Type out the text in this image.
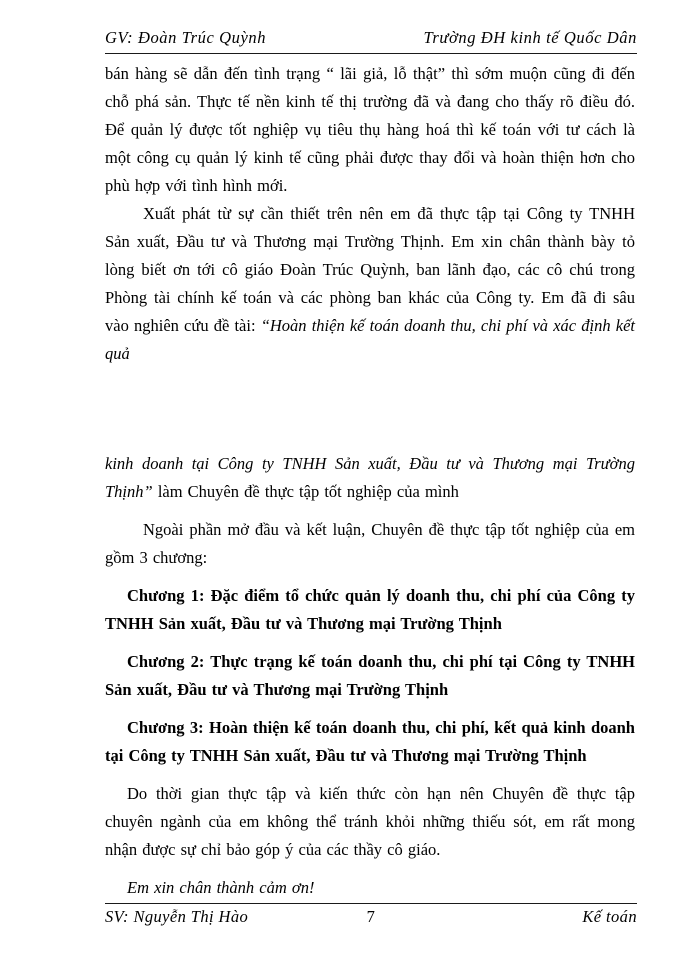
GV: Đoàn Trúc Quỳnh	Trường ĐH kinh tế Quốc Dân

bán hàng sẽ dẫn đến tình trạng “ lãi giả, lỗ thật” thì sớm muộn cũng đi đến chỗ phá sản. Thực tế nền kinh tế thị trường đã và đang cho thấy rõ điều đó. Để quản lý được tốt nghiệp vụ tiêu thụ hàng hoá thì kế toán với tư cách là một công cụ quản lý kinh tế cũng phải được thay đổi và hoàn thiện hơn cho phù hợp với tình hình mới.

Xuất phát từ sự cần thiết trên nên em đã thực tập tại Công ty TNHH Sản xuất, Đầu tư và Thương mại Trường Thịnh. Em xin chân thành bày tỏ lòng biết ơn tới cô giáo Đoàn Trúc Quỳnh, ban lãnh đạo, các cô chú trong Phòng tài chính kế toán và các phòng ban khác của Công ty. Em đã đi sâu vào nghiên cứu đề tài: “Hoàn thiện kế toán doanh thu, chi phí và xác định kết quả

kinh doanh tại Công ty TNHH Sản xuất, Đầu tư và Thương mại Trường Thịnh” làm Chuyên đề thực tập tốt nghiệp của mình

Ngoài phần mở đầu và kết luận, Chuyên đề thực tập tốt nghiệp của em gồm 3 chương:

Chương 1: Đặc điểm tổ chức quản lý doanh thu, chi phí của Công ty TNHH Sản xuất, Đầu tư và Thương mại Trường Thịnh

Chương 2: Thực trạng kế toán doanh thu, chi phí tại Công ty TNHH Sản xuất, Đầu tư và Thương mại Trường Thịnh

Chương 3: Hoàn thiện kế toán doanh thu, chi phí, kết quả kinh doanh tại Công ty TNHH Sản xuất, Đầu tư và Thương mại Trường Thịnh

Do thời gian thực tập và kiến thức còn hạn nên Chuyên đề thực tập chuyên ngành của em không thể tránh khỏi những thiếu sót, em rất mong nhận được sự chỉ bảo góp ý của các thầy cô giáo.

Em xin chân thành cảm ơn!

SV: Nguyễn Thị Hào	7	Kế toán
